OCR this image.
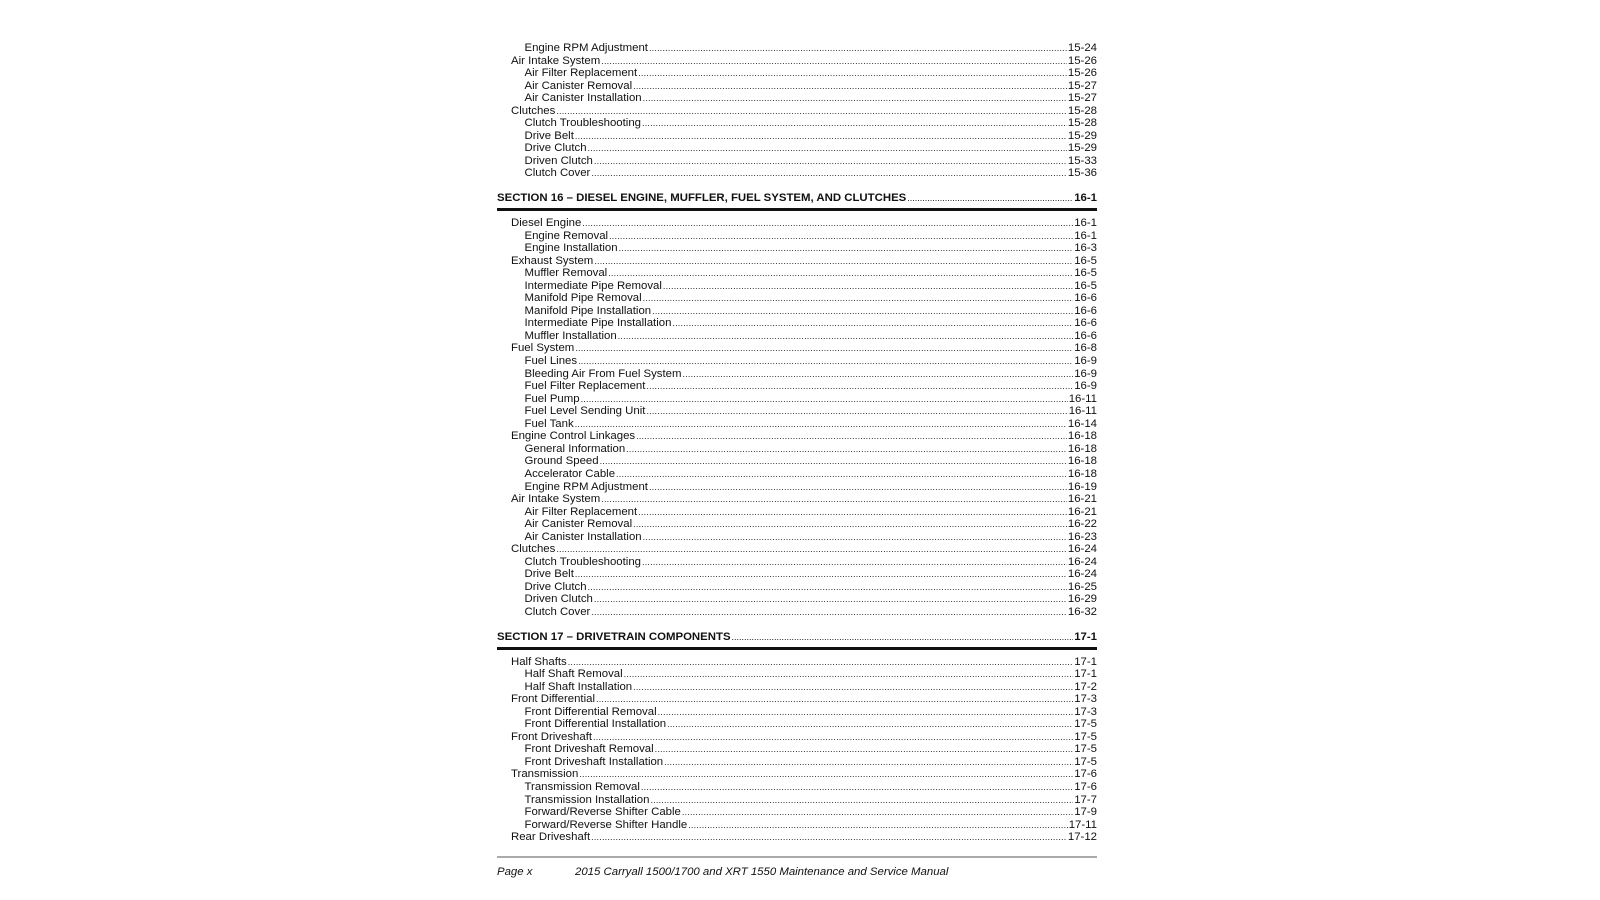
Engine RPM Adjustment .....	15-24
Air Intake System .....	15-26
Air Filter Replacement .....	15-26
Air Canister Removal .....	15-27
Air Canister Installation .....	15-27
Clutches .....	15-28
Clutch Troubleshooting .....	15-28
Drive Belt .....	15-29
Drive Clutch .....	15-29
Driven Clutch .....	15-33
Clutch Cover .....	15-36
SECTION 16 – DIESEL ENGINE, MUFFLER, FUEL SYSTEM, AND CLUTCHES .....	16-1
Diesel Engine .....	16-1
Engine Removal .....	16-1
Engine Installation .....	16-3
Exhaust System .....	16-5
Muffler Removal .....	16-5
Intermediate Pipe Removal .....	16-5
Manifold Pipe Removal .....	16-6
Manifold Pipe Installation .....	16-6
Intermediate Pipe Installation .....	16-6
Muffler Installation .....	16-6
Fuel System .....	16-8
Fuel Lines .....	16-9
Bleeding Air From Fuel System .....	16-9
Fuel Filter Replacement .....	16-9
Fuel Pump .....	16-11
Fuel Level Sending Unit .....	16-11
Fuel Tank .....	16-14
Engine Control Linkages .....	16-18
General Information .....	16-18
Ground Speed .....	16-18
Accelerator Cable .....	16-18
Engine RPM Adjustment .....	16-19
Air Intake System .....	16-21
Air Filter Replacement .....	16-21
Air Canister Removal .....	16-22
Air Canister Installation .....	16-23
Clutches .....	16-24
Clutch Troubleshooting .....	16-24
Drive Belt .....	16-24
Drive Clutch .....	16-25
Driven Clutch .....	16-29
Clutch Cover .....	16-32
SECTION 17 – DRIVETRAIN COMPONENTS .....	17-1
Half Shafts .....	17-1
Half Shaft Removal .....	17-1
Half Shaft Installation .....	17-2
Front Differential .....	17-3
Front Differential Removal .....	17-3
Front Differential Installation .....	17-5
Front Driveshaft .....	17-5
Front Driveshaft Removal .....	17-5
Front Driveshaft Installation .....	17-5
Transmission .....	17-6
Transmission Removal .....	17-6
Transmission Installation .....	17-7
Forward/Reverse Shifter Cable .....	17-9
Forward/Reverse Shifter Handle .....	17-11
Rear Driveshaft .....	17-12
Page x	2015 Carryall 1500/1700 and XRT 1550 Maintenance and Service Manual
